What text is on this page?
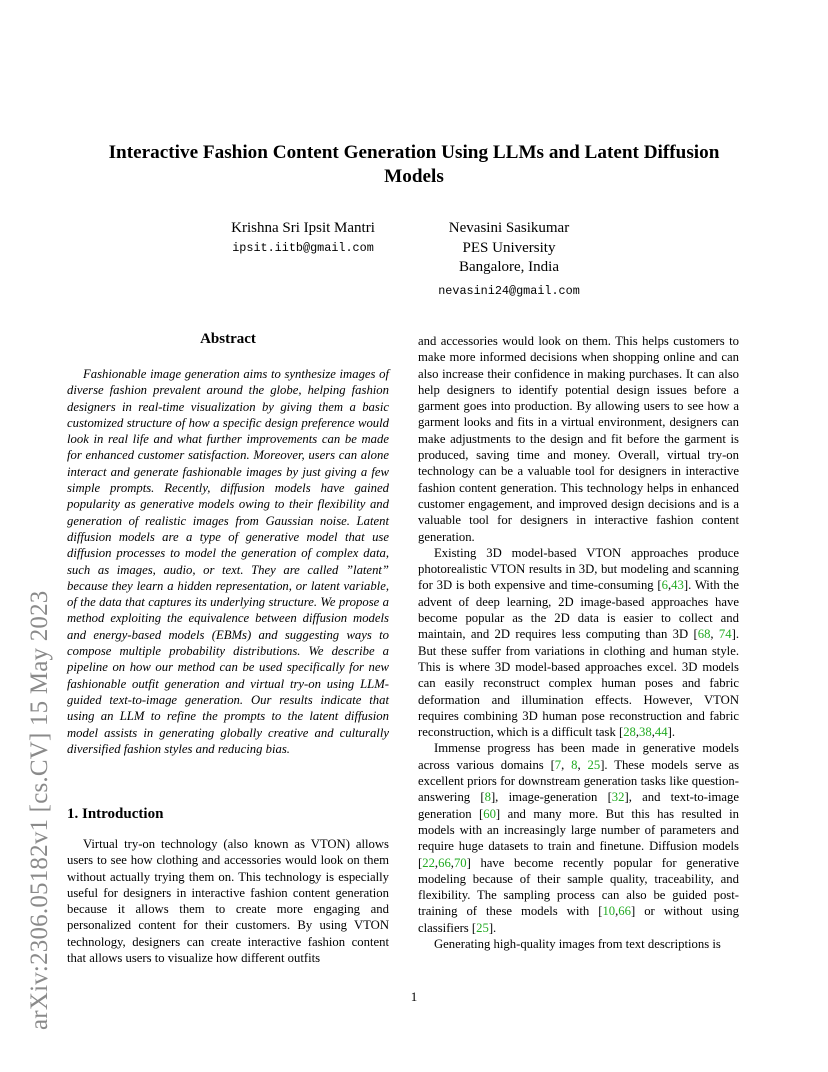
arXiv:2306.05182v1 [cs.CV] 15 May 2023
Interactive Fashion Content Generation Using LLMs and Latent Diffusion Models
Krishna Sri Ipsit Mantri
ipsit.iitb@gmail.com
Nevasini Sasikumar
PES University
Bangalore, India
nevasini24@gmail.com
Abstract

Fashionable image generation aims to synthesize images of diverse fashion prevalent around the globe, helping fashion designers in real-time visualization by giving them a basic customized structure of how a specific design preference would look in real life and what further improvements can be made for enhanced customer satisfaction. Moreover, users can alone interact and generate fashionable images by just giving a few simple prompts. Recently, diffusion models have gained popularity as generative models owing to their flexibility and generation of realistic images from Gaussian noise. Latent diffusion models are a type of generative model that use diffusion processes to model the generation of complex data, such as images, audio, or text. They are called ”latent” because they learn a hidden representation, or latent variable, of the data that captures its underlying structure. We propose a method exploiting the equivalence between diffusion models and energy-based models (EBMs) and suggesting ways to compose multiple probability distributions. We describe a pipeline on how our method can be used specifically for new fashionable outfit generation and virtual try-on using LLM-guided text-to-image generation. Our results indicate that using an LLM to refine the prompts to the latent diffusion model assists in generating globally creative and culturally diversified fashion styles and reducing bias.

1. Introduction

Virtual try-on technology (also known as VTON) allows users to see how clothing and accessories would look on them without actually trying them on. This technology is especially useful for designers in interactive fashion content generation because it allows them to create more engaging and personalized content for their customers. By using VTON technology, designers can create interactive fashion content that allows users to visualize how different outfits

and accessories would look on them. This helps customers to make more informed decisions when shopping online and can also increase their confidence in making purchases. It can also help designers to identify potential design issues before a garment goes into production. By allowing users to see how a garment looks and fits in a virtual environment, designers can make adjustments to the design and fit before the garment is produced, saving time and money. Overall, virtual try-on technology can be a valuable tool for designers in interactive fashion content generation. This technology helps in enhanced customer engagement, and improved design decisions and is a valuable tool for designers in interactive fashion content generation.

Existing 3D model-based VTON approaches produce photorealistic VTON results in 3D, but modeling and scanning for 3D is both expensive and time-consuming [6,43]. With the advent of deep learning, 2D image-based approaches have become popular as the 2D data is easier to collect and maintain, and 2D requires less computing than 3D [68, 74]. But these suffer from variations in clothing and human style. This is where 3D model-based approaches excel. 3D models can easily reconstruct complex human poses and fabric deformation and illumination effects. However, VTON requires combining 3D human pose reconstruction and fabric reconstruction, which is a difficult task [28,38,44].

Immense progress has been made in generative models across various domains [7, 8, 25]. These models serve as excellent priors for downstream generation tasks like question-answering [8], image-generation [32], and text-to-image generation [60] and many more. But this has resulted in models with an increasingly large number of parameters and require huge datasets to train and finetune. Diffusion models [22,66,70] have become recently popular for generative modeling because of their sample quality, traceability, and flexibility. The sampling process can also be guided post-training of these models with [10,66] or without using classifiers [25].

Generating high-quality images from text descriptions is

1
